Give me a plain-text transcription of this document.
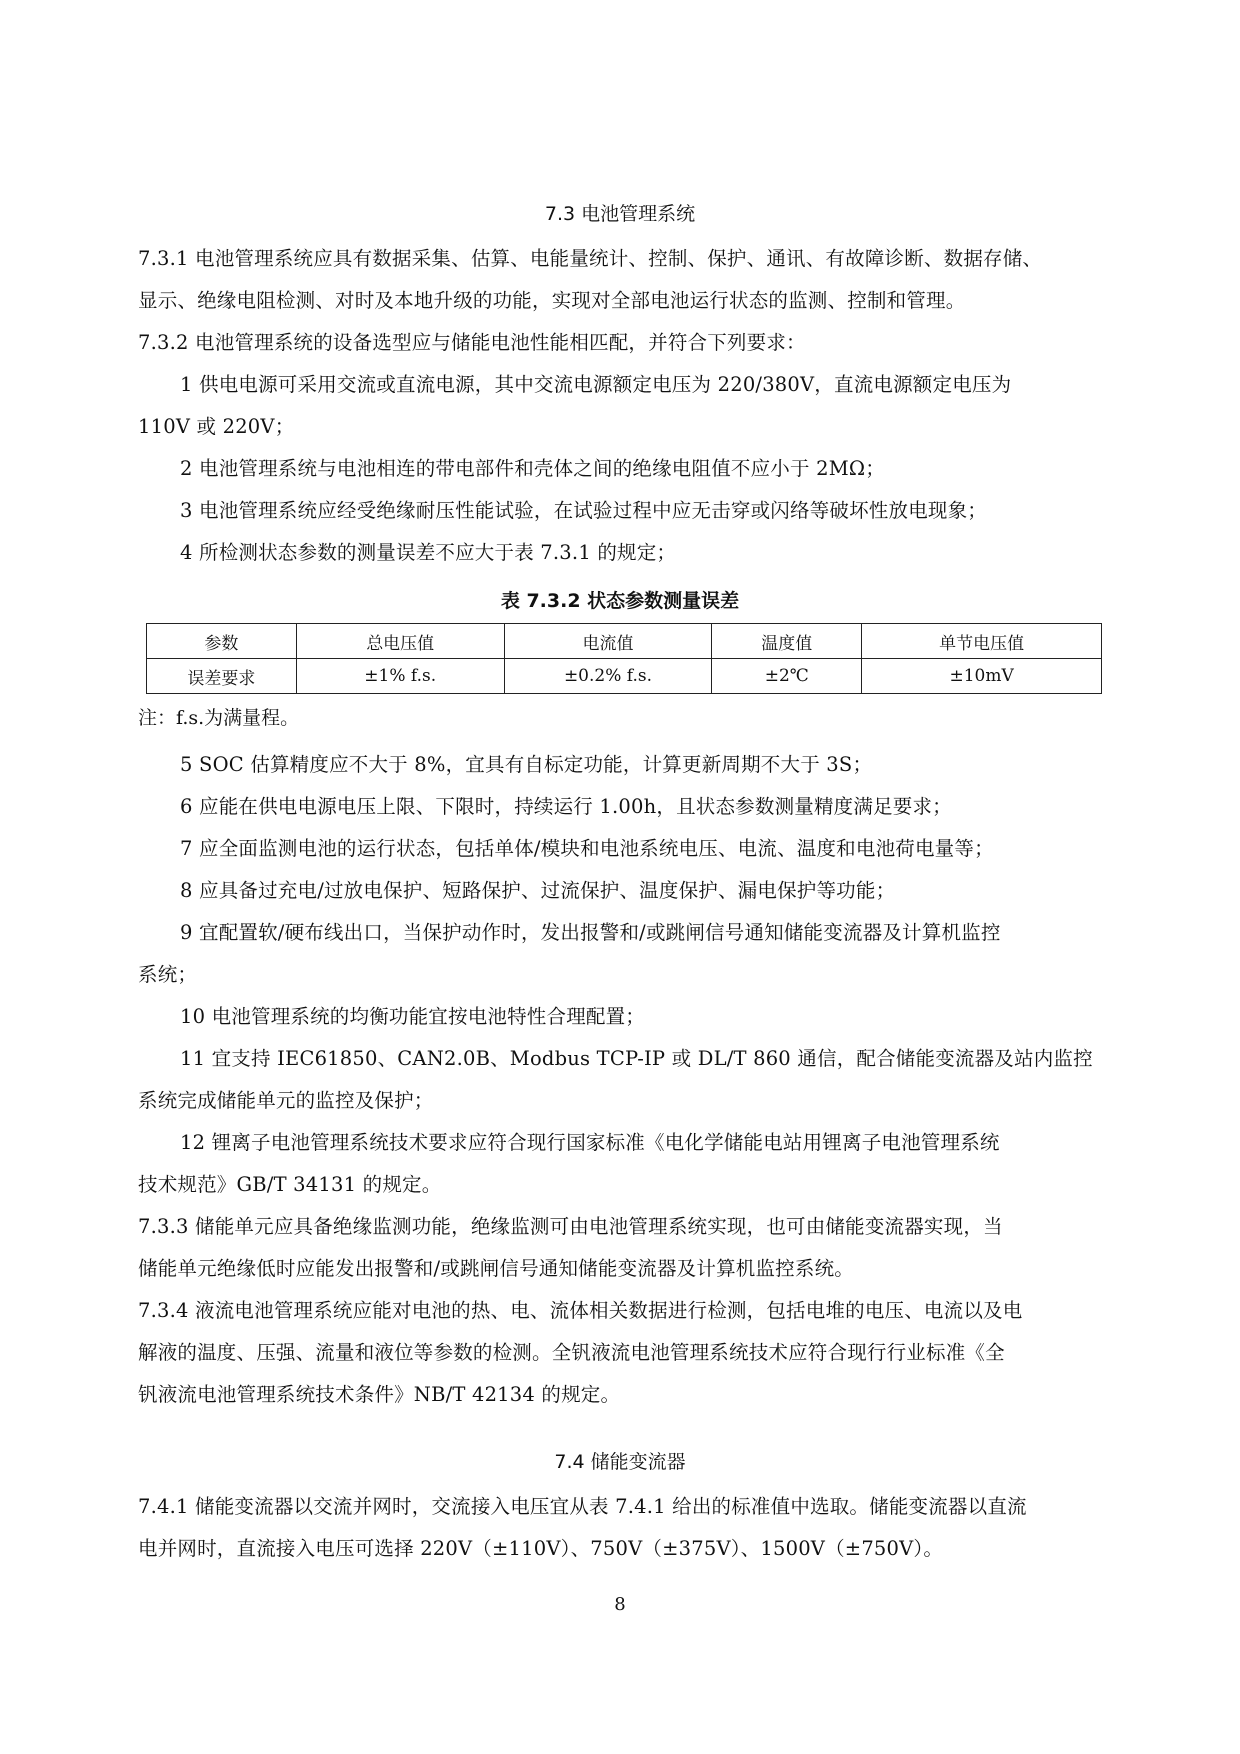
7.3 电池管理系统
7.3.1 电池管理系统应具有数据采集、估算、电能量统计、控制、保护、通讯、有故障诊断、数据存储、
显示、绝缘电阻检测、对时及本地升级的功能，实现对全部电池运行状态的监测、控制和管理。
7.3.2 电池管理系统的设备选型应与储能电池性能相匹配，并符合下列要求：
1 供电电源可采用交流或直流电源，其中交流电源额定电压为 220/380V，直流电源额定电压为
110V 或 220V；
2 电池管理系统与电池相连的带电部件和壳体之间的绝缘电阻值不应小于 2MΩ；
3 电池管理系统应经受绝缘耐压性能试验，在试验过程中应无击穿或闪络等破坏性放电现象；
4 所检测状态参数的测量误差不应大于表 7.3.1 的规定；
表 7.3.2 状态参数测量误差
参数	总电压值	电流值	温度值	单节电压值
误差要求	±1% f.s.	±0.2% f.s.	±2℃	±10mV
注：f.s.为满量程。
5 SOC 估算精度应不大于 8%，宜具有自标定功能，计算更新周期不大于 3S；
6 应能在供电电源电压上限、下限时，持续运行 1.00h，且状态参数测量精度满足要求；
7 应全面监测电池的运行状态，包括单体/模块和电池系统电压、电流、温度和电池荷电量等；
8 应具备过充电/过放电保护、短路保护、过流保护、温度保护、漏电保护等功能；
9 宜配置软/硬布线出口，当保护动作时，发出报警和/或跳闸信号通知储能变流器及计算机监控
系统；
10 电池管理系统的均衡功能宜按电池特性合理配置；
11 宜支持 IEC61850、CAN2.0B、Modbus TCP-IP 或 DL/T 860 通信，配合储能变流器及站内监控
系统完成储能单元的监控及保护；
12 锂离子电池管理系统技术要求应符合现行国家标准《电化学储能电站用锂离子电池管理系统
技术规范》GB/T 34131 的规定。
7.3.3 储能单元应具备绝缘监测功能，绝缘监测可由电池管理系统实现，也可由储能变流器实现，当
储能单元绝缘低时应能发出报警和/或跳闸信号通知储能变流器及计算机监控系统。
7.3.4 液流电池管理系统应能对电池的热、电、流体相关数据进行检测，包括电堆的电压、电流以及电
解液的温度、压强、流量和液位等参数的检测。全钒液流电池管理系统技术应符合现行行业标准《全
钒液流电池管理系统技术条件》NB/T 42134 的规定。
7.4 储能变流器
7.4.1 储能变流器以交流并网时，交流接入电压宜从表 7.4.1 给出的标准值中选取。储能变流器以直流
电并网时，直流接入电压可选择 220V（±110V）、750V（±375V）、1500V（±750V）。
8
